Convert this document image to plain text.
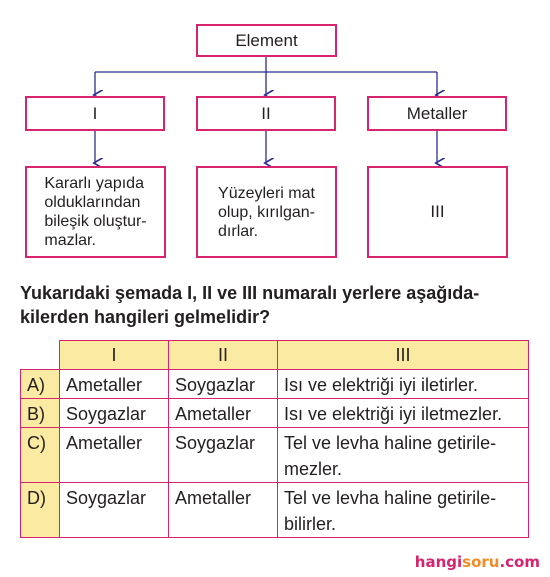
Element
I	II	Metaller
Kararlı yapıda
olduklarından
bileşik oluştur-
mazlar.
Yüzeyleri mat
olup, kırılgan-
dırlar.
III
Yukarıdaki şemada I, II ve III numaralı yerlere aşağıda-kilerden hangileri gelmelidir?
	I	II	III
A)	Ametaller	Soygazlar	Isı ve elektriği iyi iletirler.
B)	Soygazlar	Ametaller	Isı ve elektriği iyi iletmezler.
C)	Ametaller	Soygazlar	Tel ve levha haline getirile-mezler.
D)	Soygazlar	Ametaller	Tel ve levha haline getirile-bilirler.
hangisoru.com
